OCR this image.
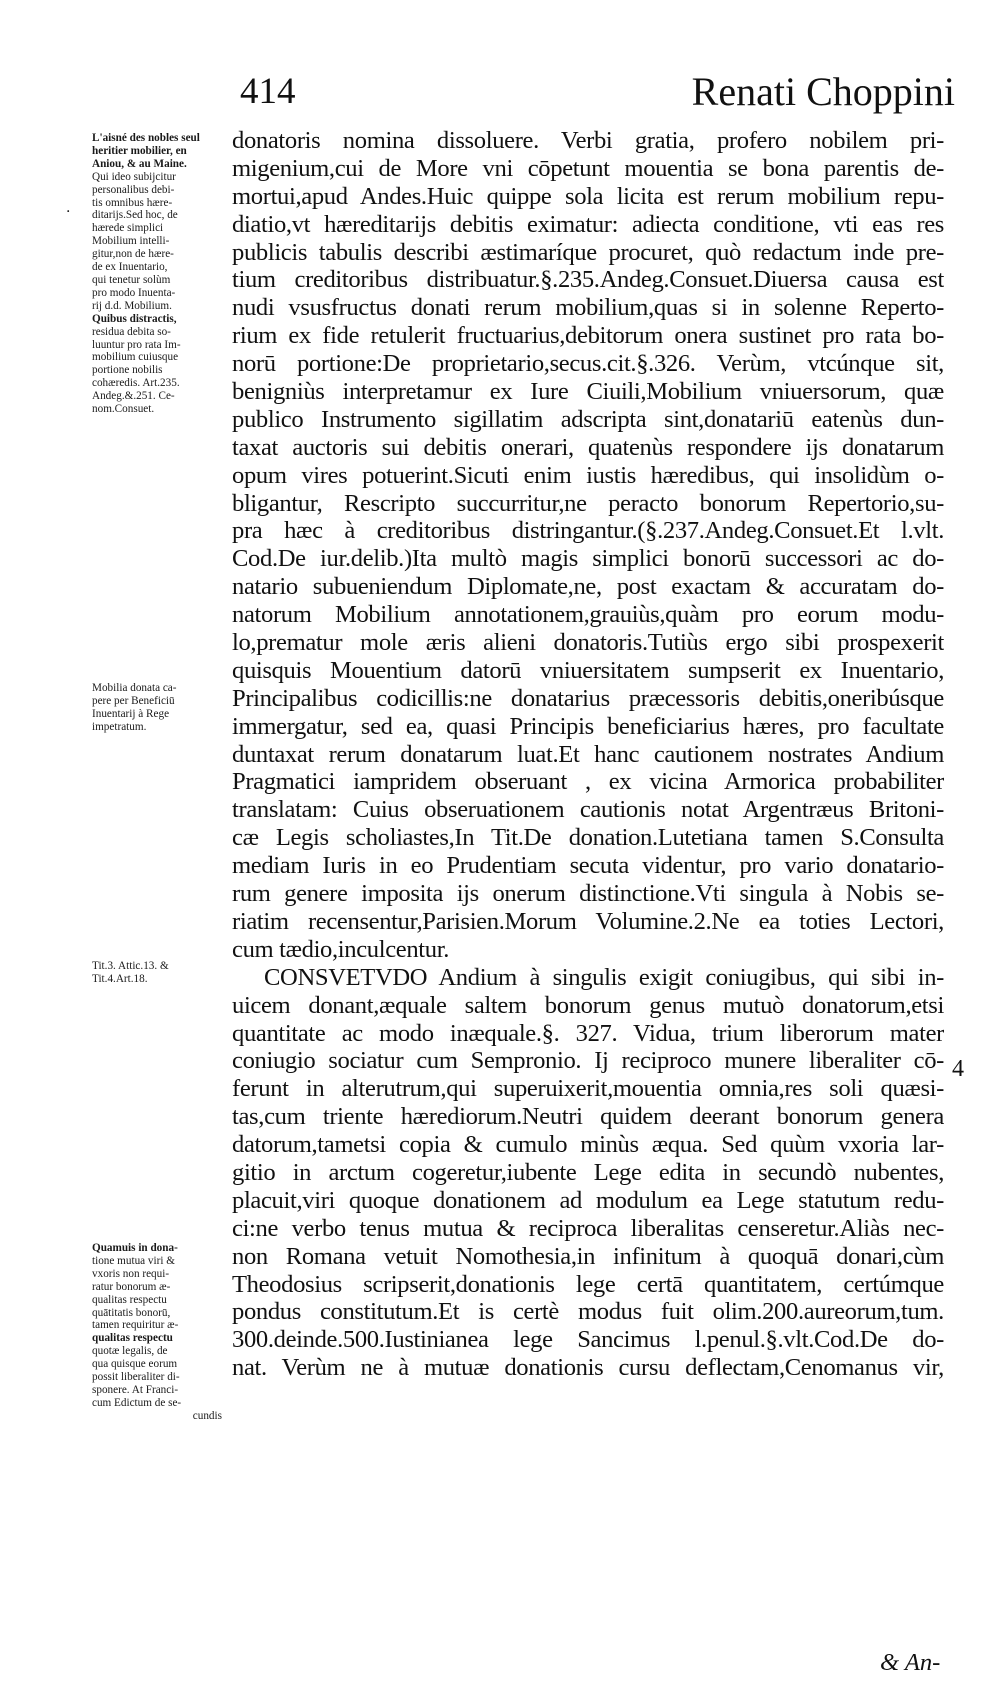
414	Renati Choppini
·
L'aisné des nobles seul
heritier mobilier, en
Aniou, & au Maine.
Qui ideo subijcitur
personalibus debi-
tis omnibus hære-
ditarijs.Sed hoc, de
hærede simplici
Mobilium intelli-
gitur,non de hære-
de ex Inuentario,
qui tenetur solùm
pro modo Inuenta-
rij d.d. Mobilium.
Quibus distractis,
residua debita so-
luuntur pro rata Im-
mobilium cuiusque
portione nobilis
cohæredis. Art.235.
Andeg.&.251. Ce-
nom.Consuet.
Mobilia donata ca-
pere per Beneficiū
Inuentarij à Rege
impetratum.
Tit.3. Attic.13. &
Tit.4.Art.18.
Quamuis in dona-
tione mutua viri &
vxoris non requi-
ratur bonorum æ-
qualitas respectu
quātitatis bonorū,
tamen requiritur æ-
qualitas respectu
quotæ legalis, de
qua quisque eorum
possit liberaliter di-
sponere. At Franci-
cum Edictum de se-
cundis
donatoris nomina dissoluere. Verbi gratia, profero nobilem pri-
migenium,cui de More vni cōpetunt mouentia se bona parentis de-
mortui,apud Andes.Huic quippe sola licita est rerum mobilium repu-
diatio,vt hæreditarijs debitis eximatur: adiecta conditione, vti eas res
publicis tabulis describi æstimaríque procuret, quò redactum inde pre-
tium creditoribus distribuatur.§.235.Andeg.Consuet.Diuersa causa est
nudi vsusfructus donati rerum mobilium,quas si in solenne Reperto-
rium ex fide retulerit fructuarius,debitorum onera sustinet pro rata bo-
norū portione:De proprietario,secus.cit.§.326. Verùm, vtcúnque sit,
benigniùs interpretamur ex Iure Ciuili,Mobilium vniuersorum, quæ
publico Instrumento sigillatim adscripta sint,donatariū eatenùs dun-
taxat auctoris sui debitis onerari, quatenùs respondere ijs donatarum
opum vires potuerint.Sicuti enim iustis hæredibus, qui insolidùm o-
bligantur, Rescripto succurritur,ne peracto bonorum Repertorio,su-
pra hæc à creditoribus distringantur.(§.237.Andeg.Consuet.Et l.vlt.
Cod.De iur.delib.)Ita multò magis simplici bonorū successori ac do-
natario subueniendum Diplomate,ne, post exactam & accuratam do-
natorum Mobilium annotationem,grauiùs,quàm pro eorum modu-
lo,prematur mole æris alieni donatoris.Tutiùs ergo sibi prospexerit
quisquis Mouentium datorū vniuersitatem sumpserit ex Inuentario,
Principalibus codicillis:ne donatarius præcessoris debitis,oneribúsque
immergatur, sed ea, quasi Principis beneficiarius hæres, pro facultate
duntaxat rerum donatarum luat.Et hanc cautionem nostrates Andium
Pragmatici iampridem obseruant , ex vicina Armorica probabiliter
translatam: Cuius obseruationem cautionis notat Argentræus Britoni-
cæ Legis scholiastes,In Tit.De donation.Lutetiana tamen S.Consulta
mediam Iuris in eo Prudentiam secuta videntur, pro vario donatario-
rum genere imposita ijs onerum distinctione.Vti singula à Nobis se-
riatim recensentur,Parisien.Morum Volumine.2.Ne ea toties Lectori,
cum tædio,inculcentur.
CONSVETVDO Andium à singulis exigit coniugibus, qui sibi in-
uicem donant,æquale saltem bonorum genus mutuò donatorum,etsi
quantitate ac modo inæquale.§. 327. Vidua, trium liberorum mater
coniugio sociatur cum Sempronio. Ij reciproco munere liberaliter cō-
ferunt in alterutrum,qui superuixerit,mouentia omnia,res soli quæsi-
tas,cum triente hærediorum.Neutri quidem deerant bonorum genera
datorum,tametsi copia & cumulo minùs æqua. Sed quùm vxoria lar-
gitio in arctum cogeretur,iubente Lege edita in secundò nubentes,
placuit,viri quoque donationem ad modulum ea Lege statutum redu-
ci:ne verbo tenus mutua & reciproca liberalitas censeretur.Aliàs nec-
non Romana vetuit Nomothesia,in infinitum à quoquā donari,cùm
Theodosius scripserit,donationis lege certā quantitatem, certúmque
pondus constitutum.Et is certè modus fuit olim.200.aureorum,tum.
300.deinde.500.Iustinianea lege Sancimus l.penul.§.vlt.Cod.De do-
nat. Verùm ne à mutuæ donationis cursu deflectam,Cenomanus vir,
4
& An-
